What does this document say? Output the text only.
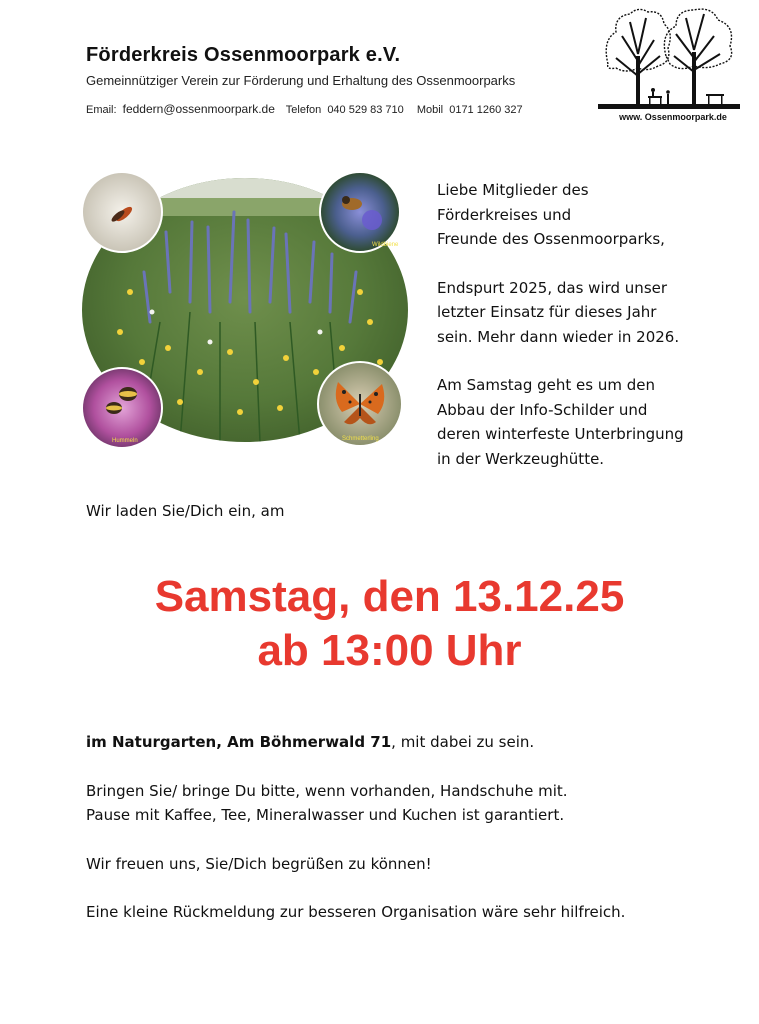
Förderkreis Ossenmoorpark e.V.
Gemeinnütziger Verein zur Förderung und Erhaltung des Ossenmoorparks
Email: feddern@ossenmoorpark.de Telefon 040 529 83 710 Mobil 0171 1260 327
www. Ossenmoorpark.de
Wildbiene
Hummeln	Schmetterling

Liebe Mitglieder des
Förderkreises und
Freunde des Ossenmoorparks,

Endspurt 2025, das wird unser
letzter Einsatz für dieses Jahr
sein. Mehr dann wieder in 2026.

Am Samstag geht es um den
Abbau der Info-Schilder und
deren winterfeste Unterbringung
in der Werkzeughütte.

Wir laden Sie/Dich ein, am
Samstag, den 13.12.25
ab 13:00 Uhr

im Naturgarten, Am Böhmerwald 71, mit dabei zu sein.

Bringen Sie/ bringe Du bitte, wenn vorhanden, Handschuhe mit.
Pause mit Kaffee, Tee, Mineralwasser und Kuchen ist garantiert.

Wir freuen uns, Sie/Dich begrüßen zu können!

Eine kleine Rückmeldung zur besseren Organisation wäre sehr hilfreich.
